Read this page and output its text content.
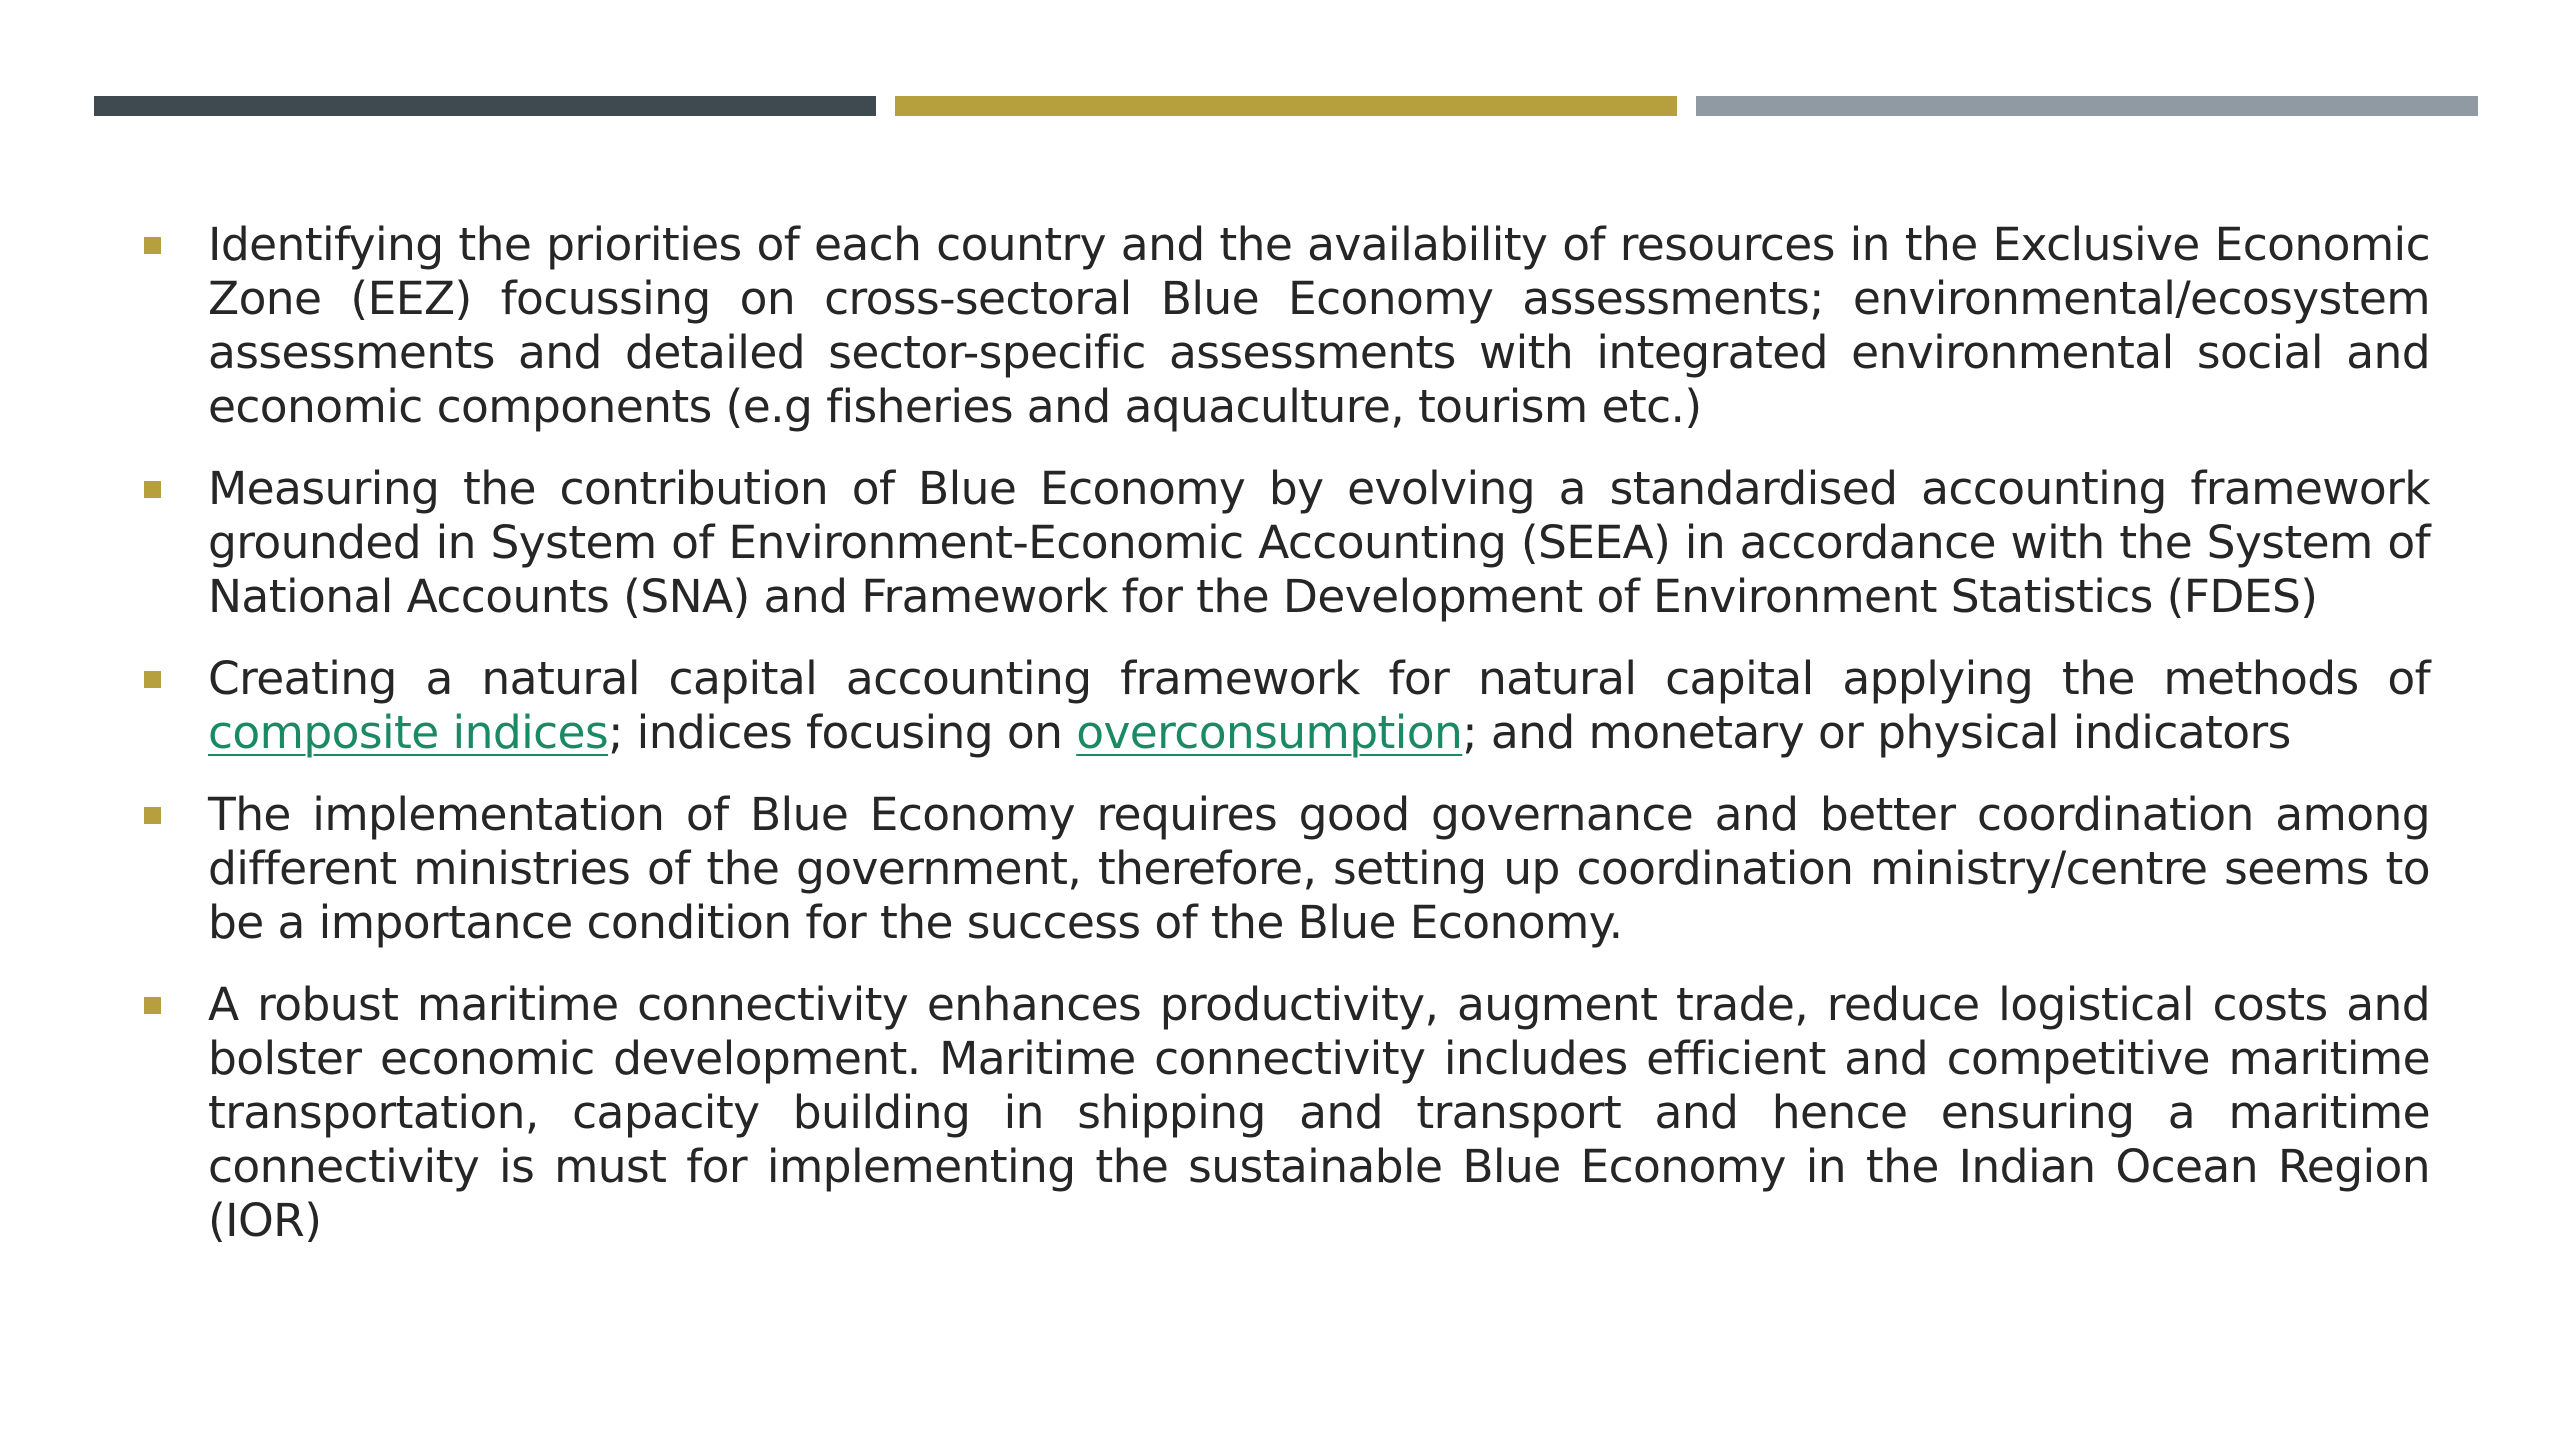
Identifying the priorities of each country and the availability of resources in the Exclusive Economic Zone (EEZ) focussing on cross-sectoral Blue Economy assessments; environmental/ecosystem assessments and detailed sector-specific assessments with integrated environmental social and economic components (e.g fisheries and aquaculture, tourism etc.)
Measuring the contribution of Blue Economy by evolving a standardised accounting framework grounded in System of Environment-Economic Accounting (SEEA) in accordance with the System of National Accounts (SNA) and Framework for the Development of Environment Statistics (FDES)
Creating a natural capital accounting framework for natural capital applying the methods of composite indices; indices focusing on overconsumption; and monetary or physical indicators
The implementation of Blue Economy requires good governance and better coordination among different ministries of the government, therefore, setting up coordination ministry/centre seems to be a importance condition for the success of the Blue Economy.
A robust maritime connectivity enhances productivity, augment trade, reduce logistical costs and bolster economic development. Maritime connectivity includes efficient and competitive maritime transportation, capacity building in shipping and transport and hence ensuring a maritime connectivity is must for implementing the sustainable Blue Economy in the Indian Ocean Region (IOR)
